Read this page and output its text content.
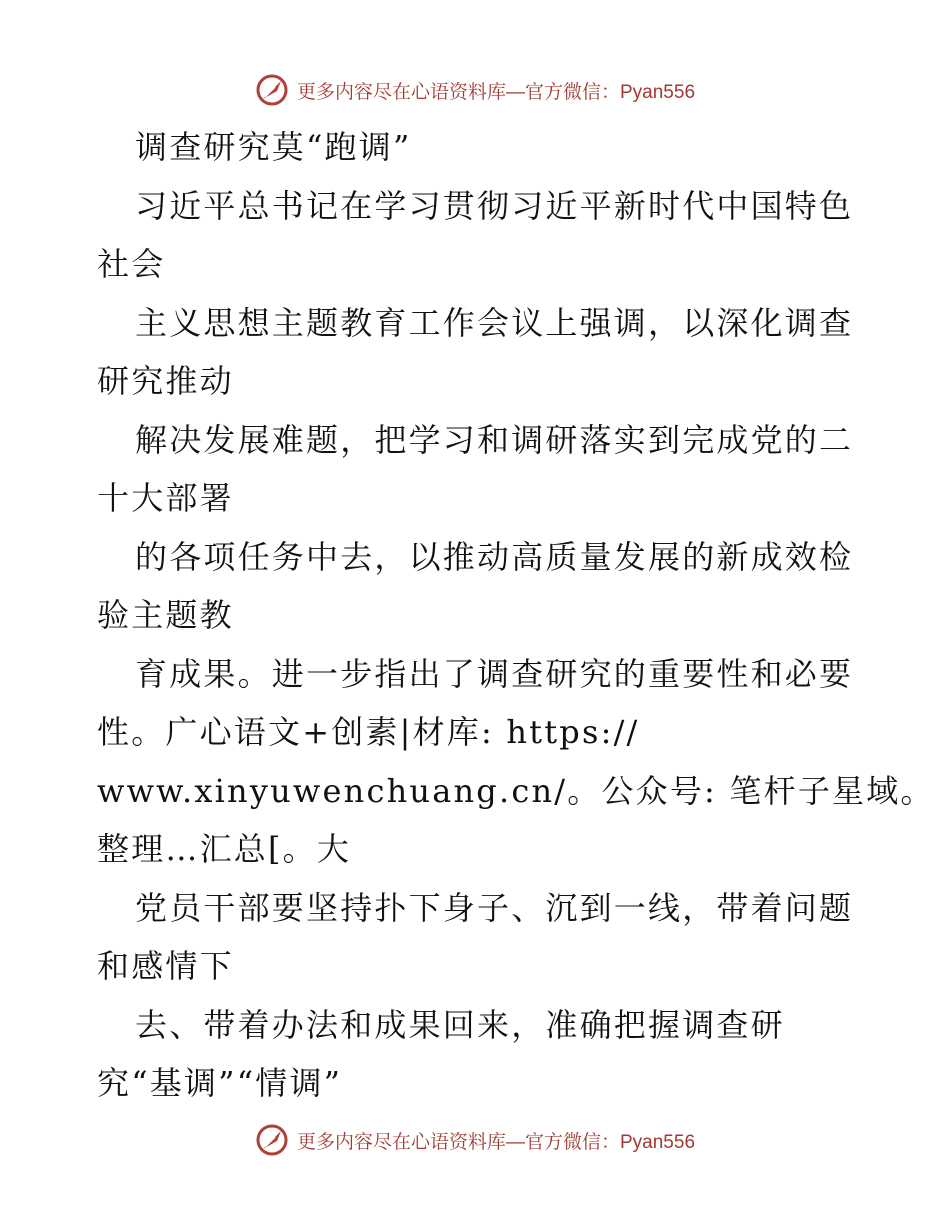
更多内容尽在心语资料库—官方微信：Pyan556
调查研究莫“跑调”
习近平总书记在学习贯彻习近平新时代中国特色
社会
主义思想主题教育工作会议上强调，以深化调查
研究推动
解决发展难题，把学习和调研落实到完成党的二
十大部署
的各项任务中去，以推动高质量发展的新成效检
验主题教
育成果。进一步指出了调查研究的重要性和必要
性。广心语文+创素|材库: https://
www.xinyuwenchuang.cn/。公众号: 笔杆子星域。
整理…汇总[。大
党员干部要坚持扑下身子、沉到一线，带着问题
和感情下
去、带着办法和成果回来，准确把握调查研
究“基调”“情调”
更多内容尽在心语资料库—官方微信：Pyan556
